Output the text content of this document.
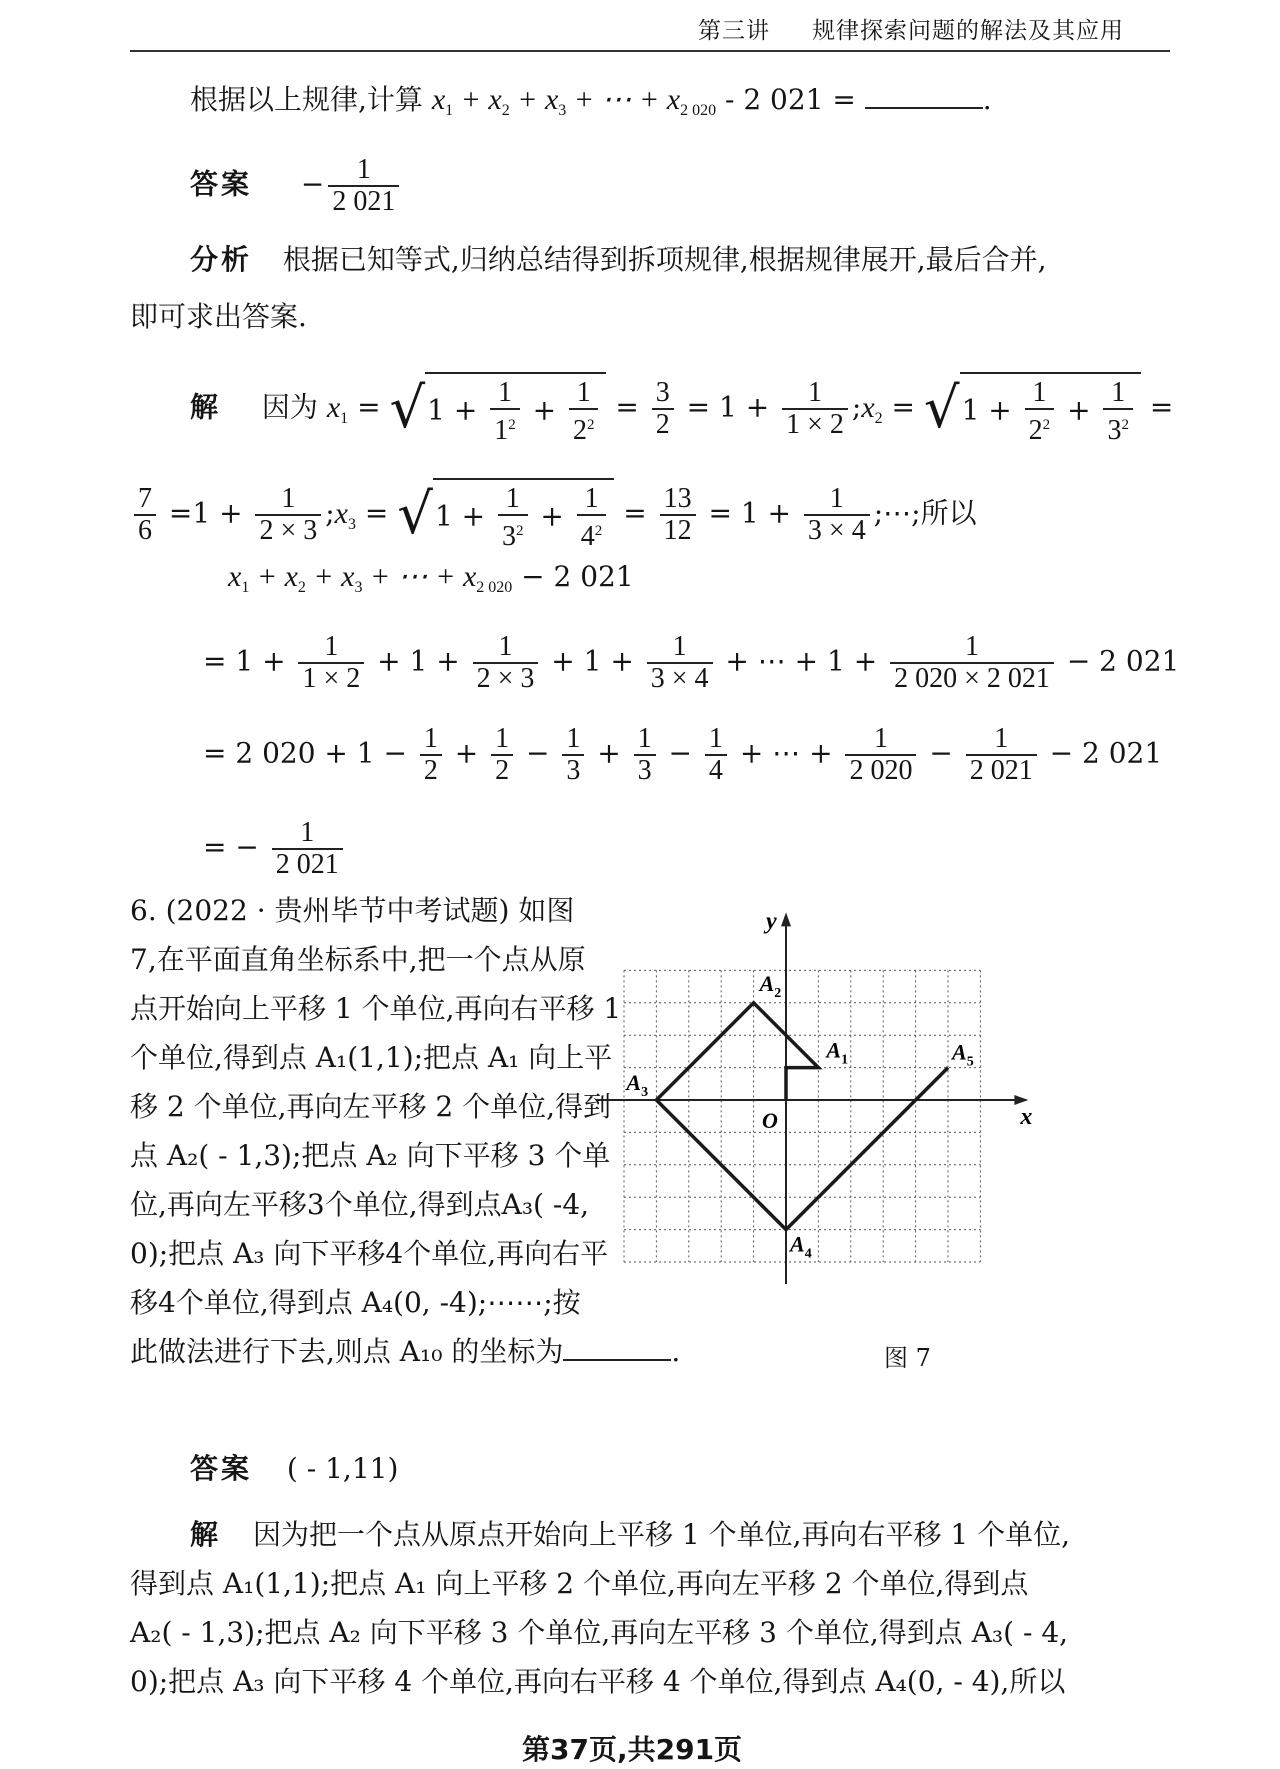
第三讲 规律探索问题的解法及其应用
根据以上规律,计算 $x_1 + x_2 + x_3$ + ⋯ + $x_{2 020} - 2$ 021 =	.
答案 − $\frac{1}{2 021}$
分析 根据已知等式,归纳总结得到拆项规律,根据规律展开,最后合并,
即可求出答案.
解 因为 $x_1 = √1 + \frac{1}{1^2} + \frac{1}{2^2} = \frac{3}{2} = 1 + \frac{1}{1 \times 2}$ $;x_2 = √1 + \frac{1}{2^2} + \frac{1}{3^2}$ =
$\frac{7}{6} =1 + \frac{1}{2 \times 3}$ $;x_3 = √1 + \frac{1}{3^2} + \frac{1}{4^2} = \frac{13}{12} = 1 + \frac{1}{3 \times 4}$ ;⋯;所以
$x_1 + x_2 + x_3$ + ⋯ + $x_{2 020} - 2$ 021
= $1 + \frac{1}{1 \times 2} + 1 + \frac{1}{2 \times 3} + 1 + \frac{1}{3 \times 4}$ + ⋯ + $1 + \frac{1}{2 020 \times 2 021} - 2$ 021
= 2 $020 + 1 - \frac{1}{2} + \frac{1}{2} - \frac{1}{3} + \frac{1}{3} - \frac{1}{4}$ + ⋯ + $\frac{1}{2 020} - \frac{1}{2 021} - 2$ 021
= − $\frac{1}{2 021}$
6. (2022 · 贵州毕节中考试题) 如图
7,在平面直角坐标系中,把一个点从原
点开始向上平移 1 个单位,再向右平移 1
个单位,得到点 A₁(1,1);把点 A₁ 向上平
移 2 个单位,再向左平移 2 个单位,得到
点 A₂( - 1,3);把点 A₂ 向下平移 3 个单
位,再向左平移3个单位,得到点A₃( -4,
0);把点 A₃ 向下平移4个单位,再向右平
移4个单位,得到点 A₄(0, -4);⋯⋯;按
此做法进行下去,则点 A₁₀ 的坐标为	.
x
y
O
$A_1$
$A_2$
$A_3$
$A_4$
$A_5$
图 7
答案 ( - 1,11)
解 因为把一个点从原点开始向上平移 1 个单位,再向右平移 1 个单位,
得到点 A₁(1,1);把点 A₁ 向上平移 2 个单位,再向左平移 2 个单位,得到点
A₂( - 1,3);把点 A₂ 向下平移 3 个单位,再向左平移 3 个单位,得到点 A₃( - 4,
0);把点 A₃ 向下平移 4 个单位,再向右平移 4 个单位,得到点 A₄(0, - 4),所以
第37页,共291页
